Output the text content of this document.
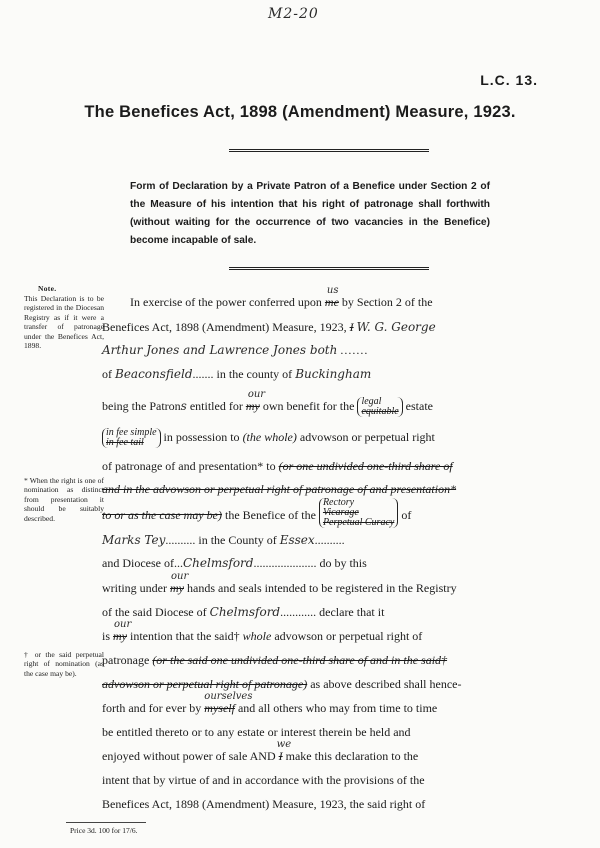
M2-20
L.C. 13.
The Benefices Act, 1898 (Amendment) Measure, 1923.
Form of Declaration by a Private Patron of a Benefice under Section 2 of the Measure of his intention that his right of patronage shall forthwith (without waiting for the occurrence of two vacancies in the Benefice) become incapable of sale.
Note.
This Declaration is to be registered in the Diocesan Registry as if it were a transfer of patronage under the Benefices Act, 1898.
* When the right is one of nomination as distinct from presentation it should be suitably described.
† or the said perpetual right of nomination (as the case may be).
In exercise of the power conferred upon
us
me by Section 2 of the
Benefices Act, 1898 (Amendment) Measure, 1923, I W. G. George
Arthur Jones and Lawrence Jones both .......
of Beaconsfield....... in the county of Buckingham
being the Patrons entitled for
our
my own benefit for the legal
equitable estate
in fee simple
in fee tail	in possession to (the whole) advowson or perpetual right
of patronage of and presentation* to (or one undivided one-third share of
and in the advowson or perpetual right of patronage of and presentation*
to or as the case may be) the Benefice of the
Rectory
Vicarage
Perpetual Curacy
of
Marks Tey.......... in the County of Essex..........
and Diocese of...Chelmsford..................... do by this
writing under
our
my hands and seals intended to be registered in the Registry
of the said Diocese of Chelmsford............ declare that it
is
our
my intention that the said† whole advowson or perpetual right of
patronage (or the said one undivided one-third share of and in the said†
advowson or perpetual right of patronage) as above described shall hence-
forth and for ever by
ourselves
myself and all others who may from time to time
be entitled thereto or to any estate or interest therein be held and
enjoyed without power of sale AND
we
I make this declaration to the
intent that by virtue of and in accordance with the provisions of the
Benefices Act, 1898 (Amendment) Measure, 1923, the said right of
Price 3d. 100 for 17/6.
